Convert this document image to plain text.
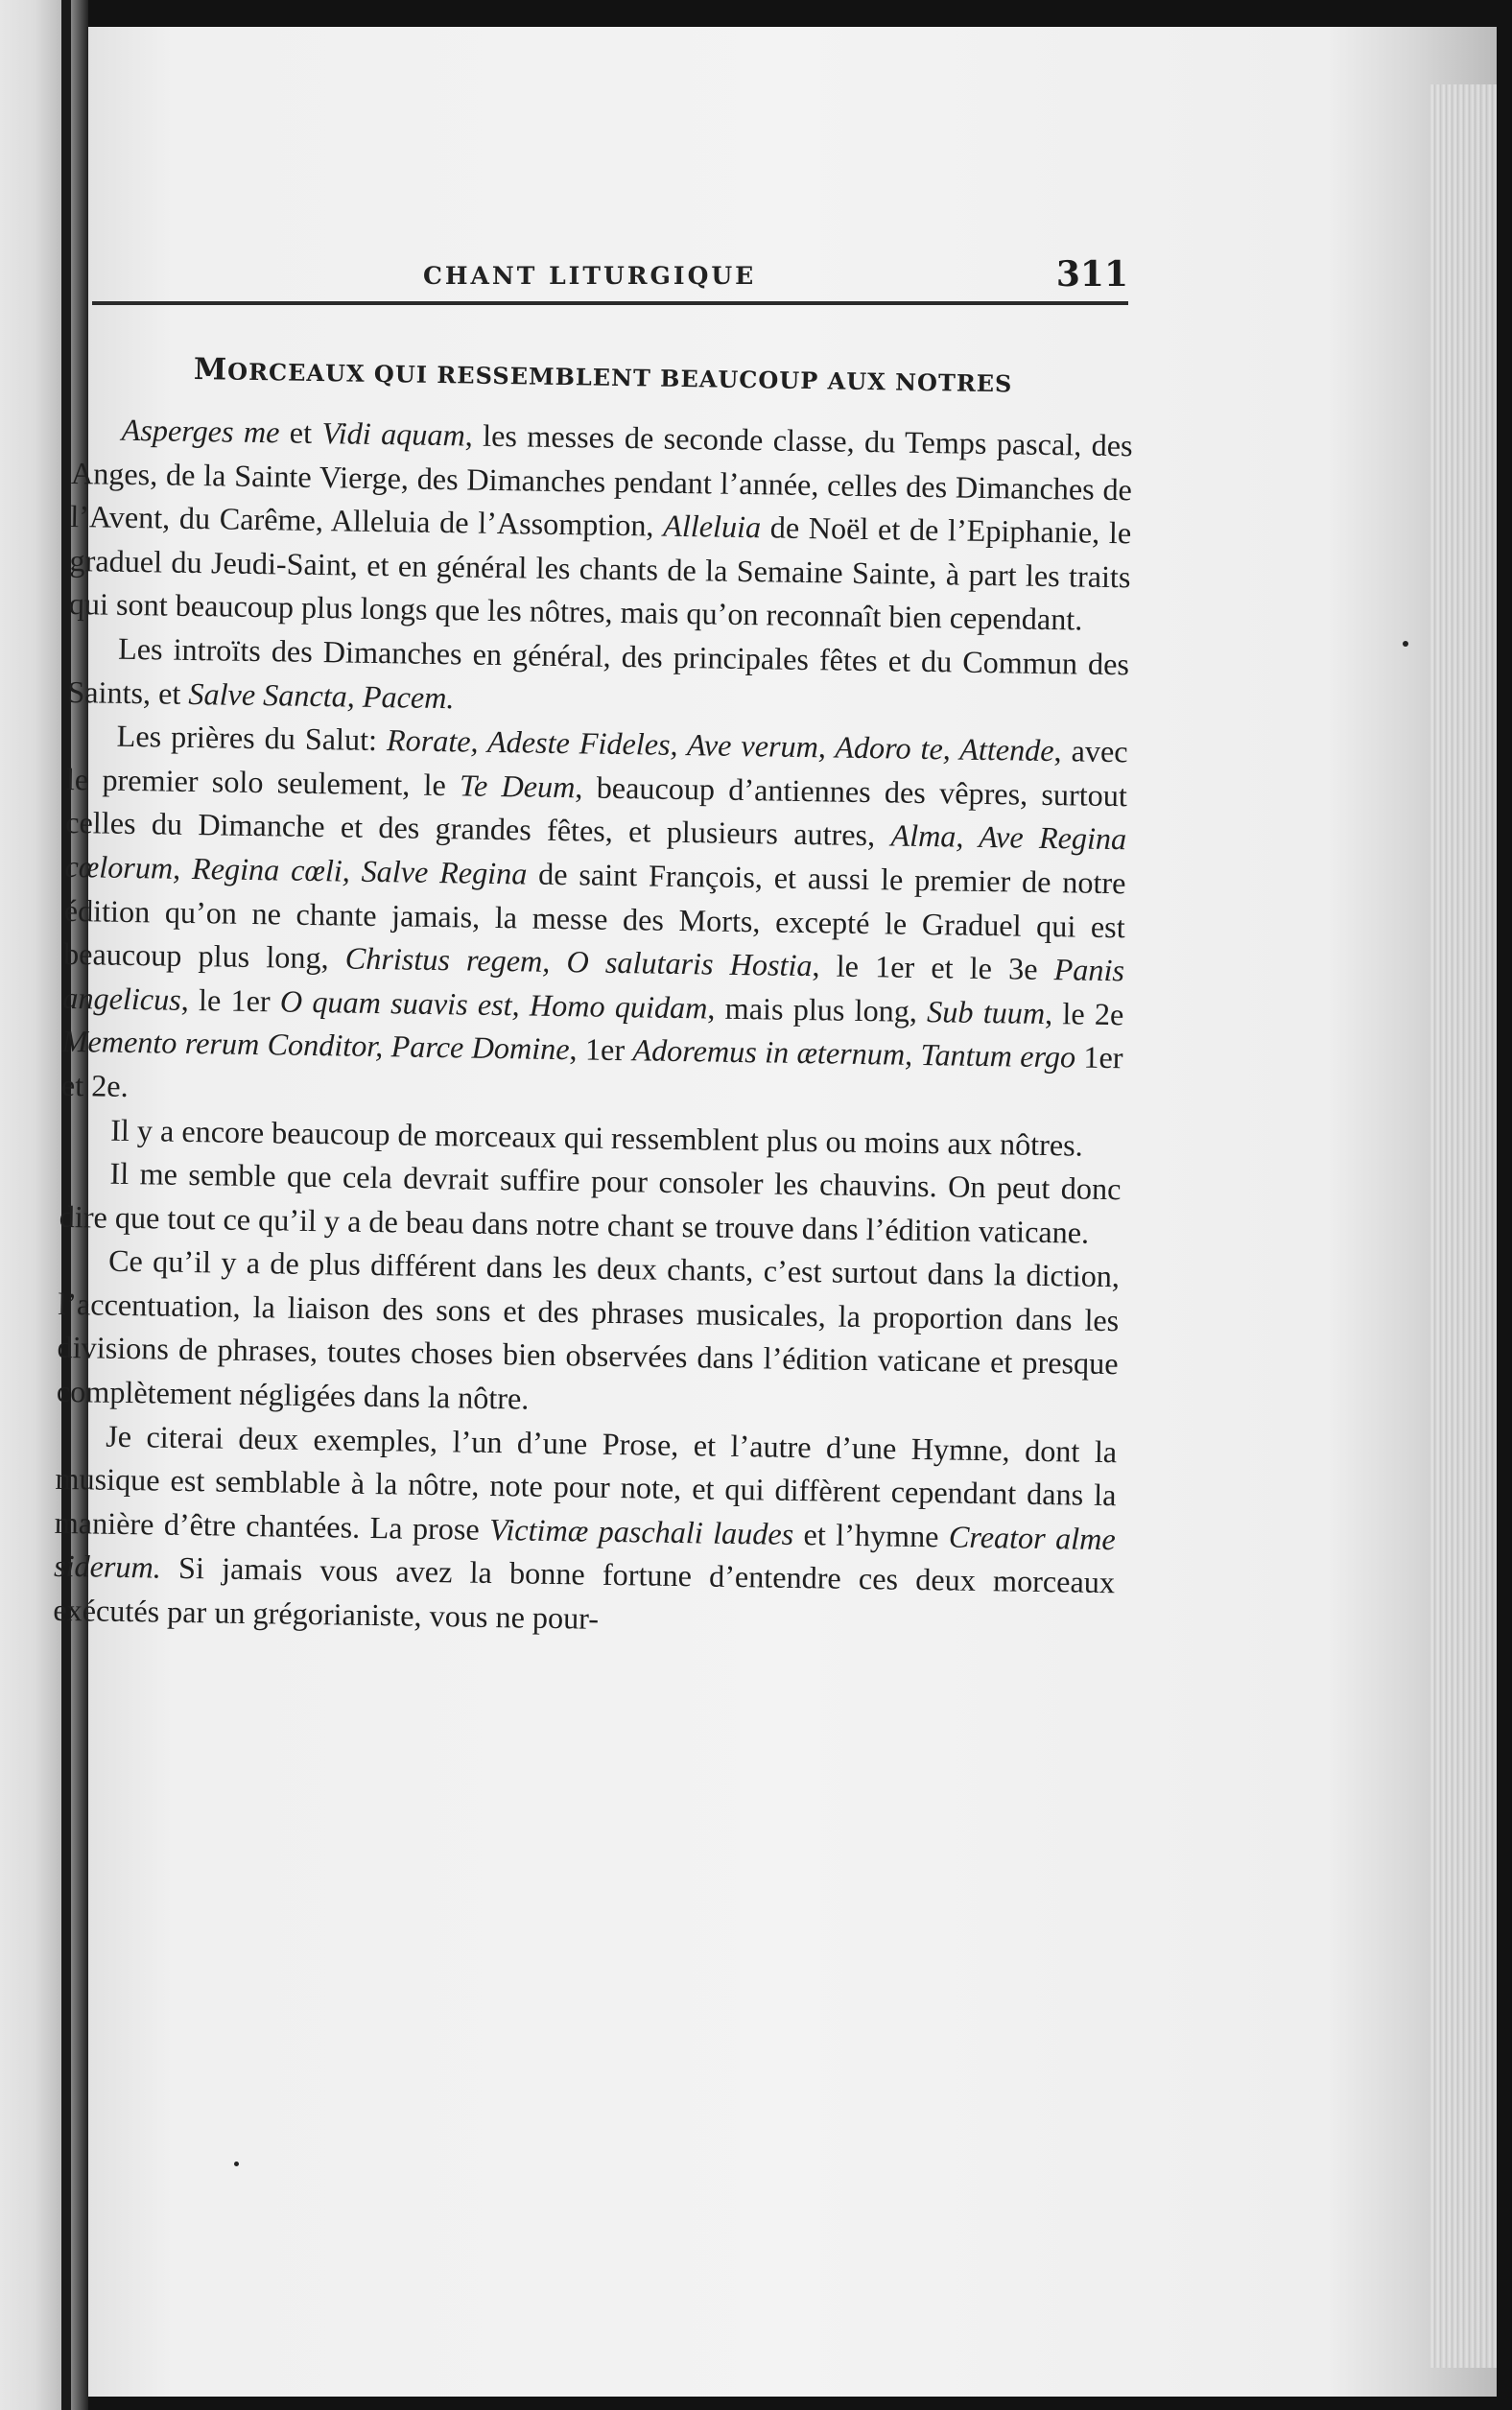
CHANT LITURGIQUE	311
MORCEAUX QUI RESSEMBLENT BEAUCOUP AUX NOTRES

Asperges me et Vidi aquam, les messes de seconde classe, du Temps pascal, des Anges, de la Sainte Vierge, des Dimanches pendant l’année, celles des Dimanches de l’Avent, du Carême, Alleluia de l’Assomption, Alleluia de Noël et de l’Epiphanie, le graduel du Jeudi-Saint, et en général les chants de la Semaine Sainte, à part les traits qui sont beaucoup plus longs que les nôtres, mais qu’on reconnaît bien cependant.

Les introïts des Dimanches en général, des principales fêtes et du Commun des Saints, et Salve Sancta, Pacem.

Les prières du Salut: Rorate, Adeste Fideles, Ave verum, Adoro te, Attende, avec le premier solo seulement, le Te Deum, beaucoup d’antiennes des vêpres, surtout celles du Dimanche et des grandes fêtes, et plusieurs autres, Alma, Ave Regina cœlorum, Regina cœli, Salve Regina de saint François, et aussi le premier de notre édition qu’on ne chante jamais, la messe des Morts, excepté le Graduel qui est beaucoup plus long, Christus regem, O salutaris Hostia, le 1er et le 3e Panis angelicus, le 1er O quam suavis est, Homo quidam, mais plus long, Sub tuum, le 2e Memento rerum Conditor, Parce Domine, 1er Adoremus in æternum, Tantum ergo 1er et 2e.

Il y a encore beaucoup de morceaux qui ressemblent plus ou moins aux nôtres.

Il me semble que cela devrait suffire pour consoler les chauvins. On peut donc dire que tout ce qu’il y a de beau dans notre chant se trouve dans l’édition vaticane.

Ce qu’il y a de plus différent dans les deux chants, c’est surtout dans la diction, l’accentuation, la liaison des sons et des phrases musicales, la proportion dans les divisions de phrases, toutes choses bien observées dans l’édition vaticane et presque complètement négligées dans la nôtre.

Je citerai deux exemples, l’un d’une Prose, et l’autre d’une Hymne, dont la musique est semblable à la nôtre, note pour note, et qui diffèrent cependant dans la manière d’être chantées. La prose Victimæ paschali laudes et l’hymne Creator alme siderum. Si jamais vous avez la bonne fortune d’entendre ces deux morceaux exécutés par un grégorianiste, vous ne pour-
